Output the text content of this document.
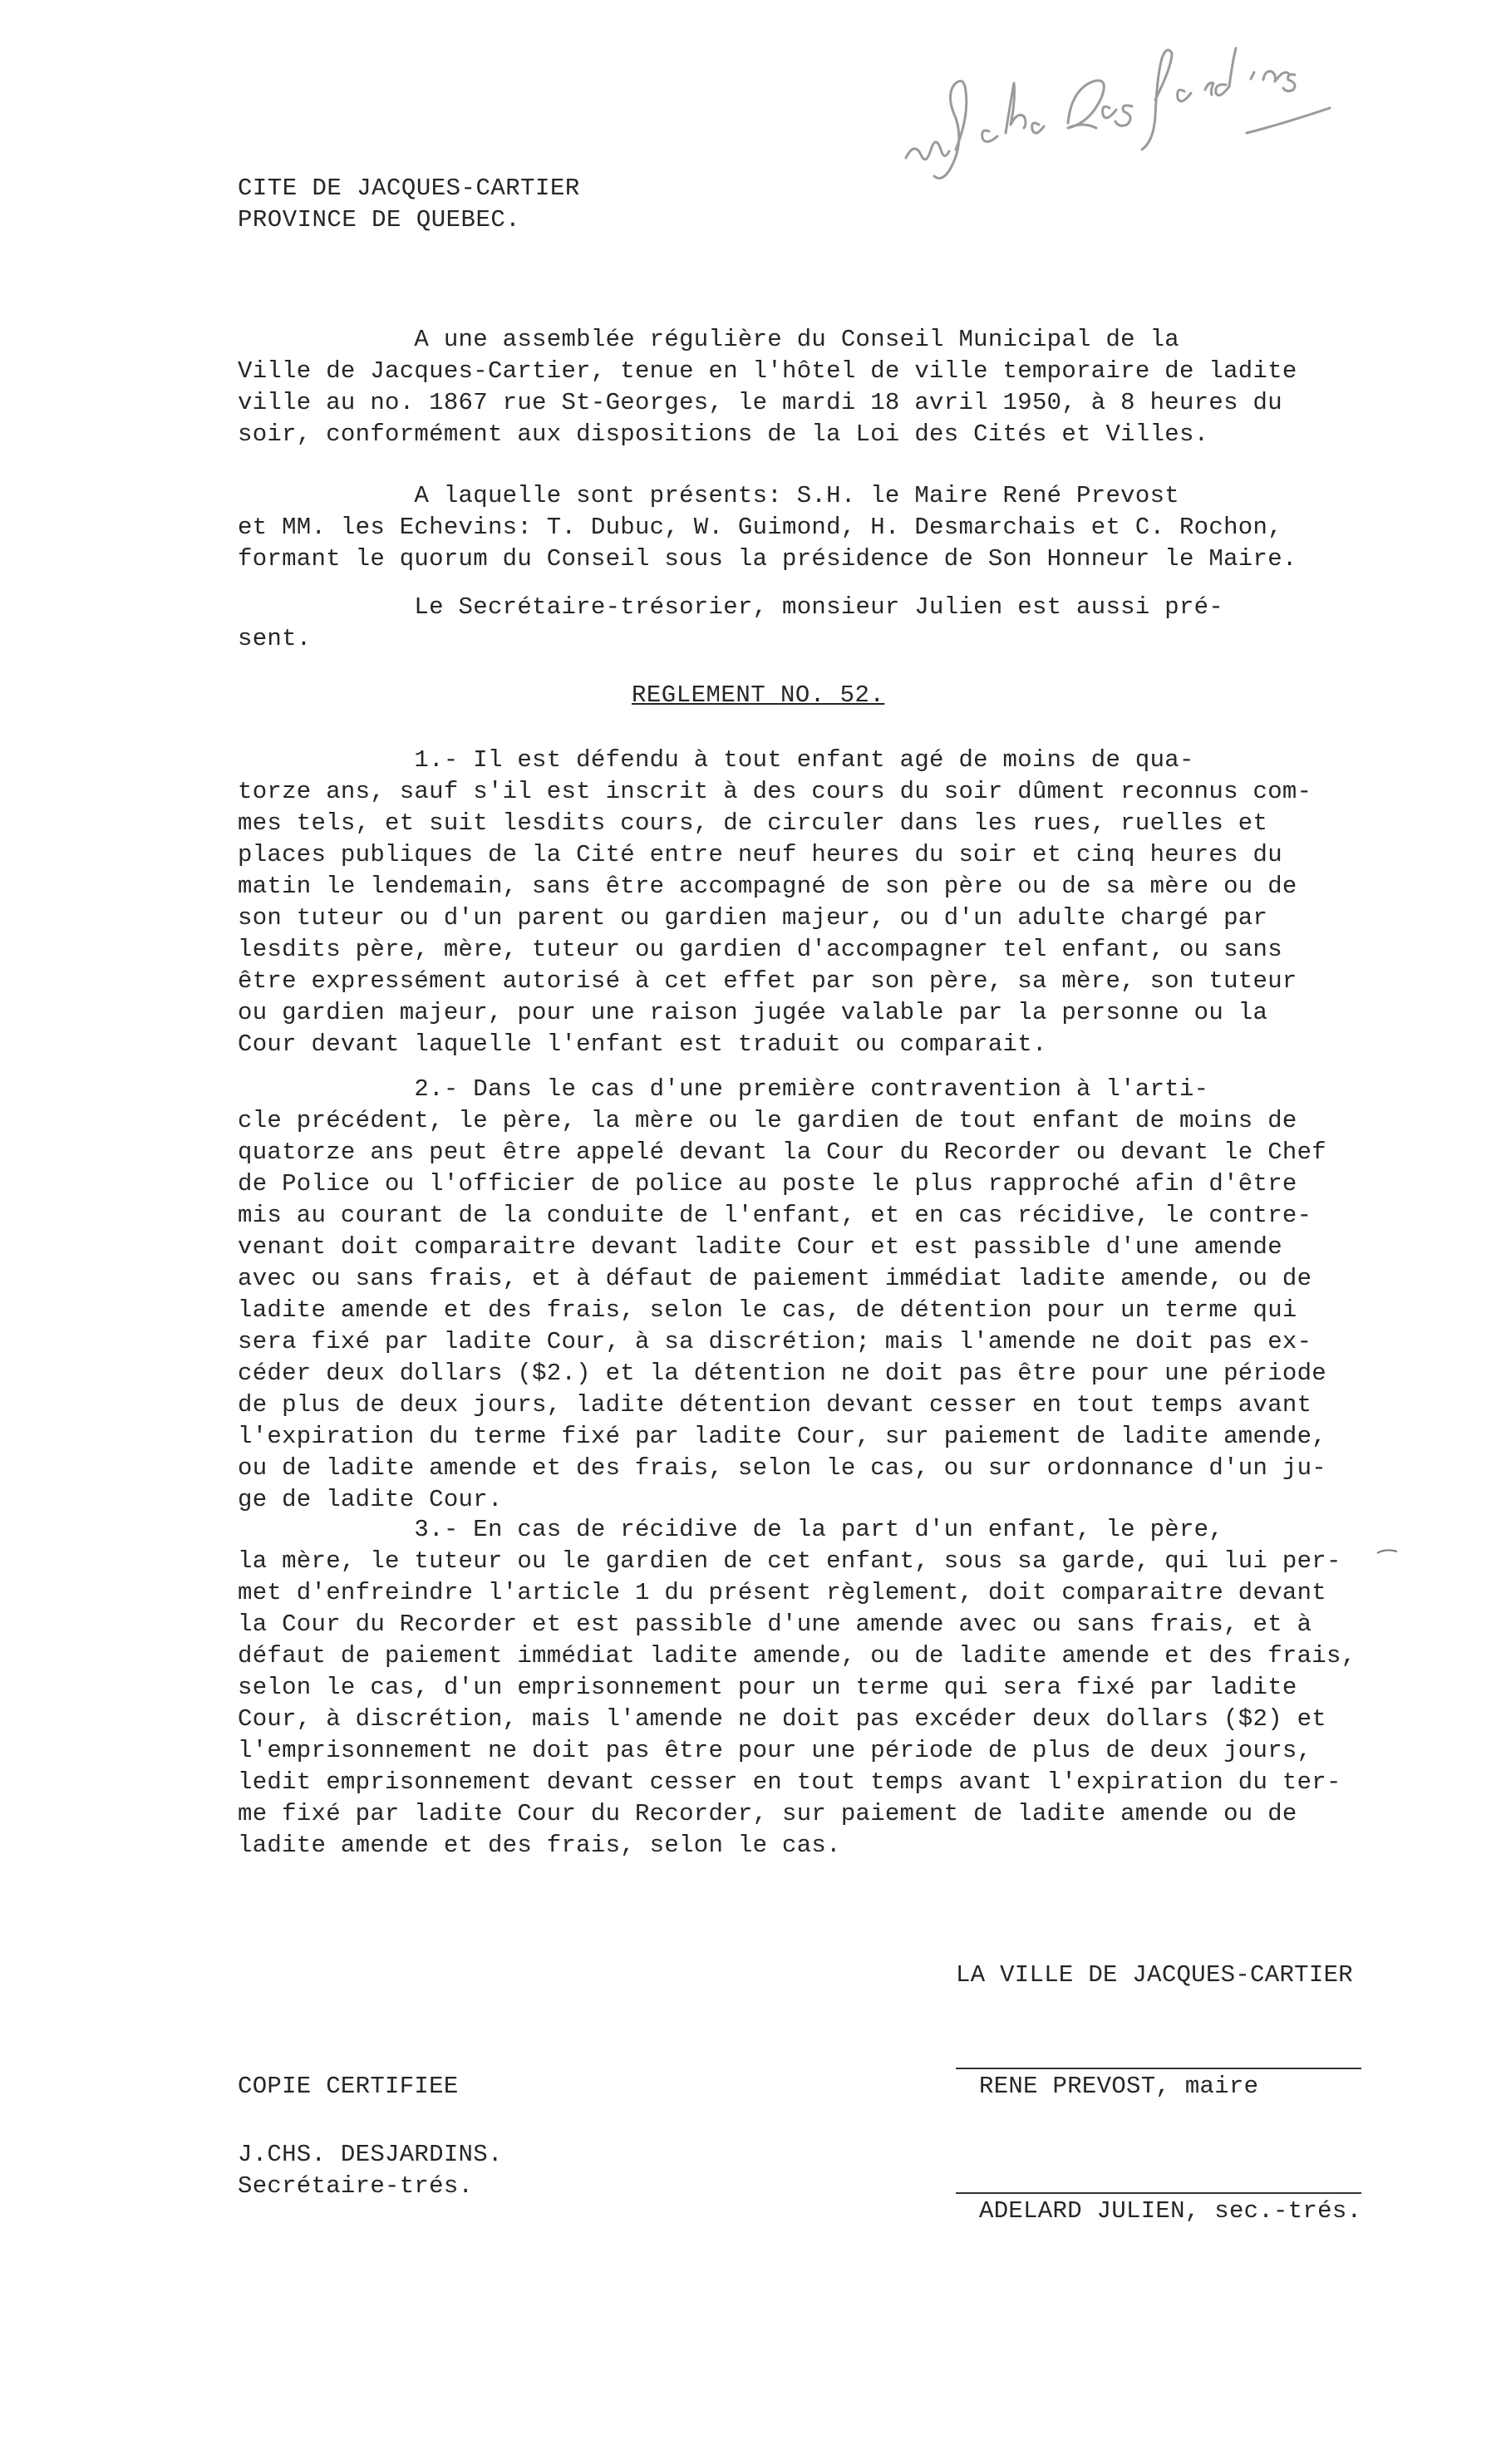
CITE DE JACQUES-CARTIER
PROVINCE DE QUEBEC.
A une assemblée régulière du Conseil Municipal de la
Ville de Jacques-Cartier, tenue en l'hôtel de ville temporaire de ladite
ville au no. 1867 rue St-Georges, le mardi 18 avril 1950, à 8 heures du
soir, conformément aux dispositions de la Loi des Cités et Villes.
A laquelle sont présents: S.H. le Maire René Prevost
et MM. les Echevins: T. Dubuc, W. Guimond, H. Desmarchais et C. Rochon,
formant le quorum du Conseil sous la présidence de Son Honneur le Maire.
Le Secrétaire-trésorier, monsieur Julien est aussi pré-
sent.
REGLEMENT NO. 52.
1.- Il est défendu à tout enfant agé de moins de qua-
torze ans, sauf s'il est inscrit à des cours du soir dûment reconnus com-
mes tels, et suit lesdits cours, de circuler dans les rues, ruelles et
places publiques de la Cité entre neuf heures du soir et cinq heures du
matin le lendemain, sans être accompagné de son père ou de sa mère ou de
son tuteur ou d'un parent ou gardien majeur, ou d'un adulte chargé par
lesdits père, mère, tuteur ou gardien d'accompagner tel enfant, ou sans
être expressément autorisé à cet effet par son père, sa mère, son tuteur
ou gardien majeur, pour une raison jugée valable par la personne ou la
Cour devant laquelle l'enfant est traduit ou comparait.
2.- Dans le cas d'une première contravention à l'arti-
cle précédent, le père, la mère ou le gardien de tout enfant de moins de
quatorze ans peut être appelé devant la Cour du Recorder ou devant le Chef
de Police ou l'officier de police au poste le plus rapproché afin d'être
mis au courant de la conduite de l'enfant, et en cas récidive, le contre-
venant doit comparaitre devant ladite Cour et est passible d'une amende
avec ou sans frais, et à défaut de paiement immédiat ladite amende, ou de
ladite amende et des frais, selon le cas, de détention pour un terme qui
sera fixé par ladite Cour, à sa discrétion; mais l'amende ne doit pas ex-
céder deux dollars ($2.) et la détention ne doit pas être pour une période
de plus de deux jours, ladite détention devant cesser en tout temps avant
l'expiration du terme fixé par ladite Cour, sur paiement de ladite amende,
ou de ladite amende et des frais, selon le cas, ou sur ordonnance d'un ju-
ge de ladite Cour.
3.- En cas de récidive de la part d'un enfant, le père,
la mère, le tuteur ou le gardien de cet enfant, sous sa garde, qui lui per-
met d'enfreindre l'article 1 du présent règlement, doit comparaitre devant
la Cour du Recorder et est passible d'une amende avec ou sans frais, et à
défaut de paiement immédiat ladite amende, ou de ladite amende et des frais,
selon le cas, d'un emprisonnement pour un terme qui sera fixé par ladite
Cour, à discrétion, mais l'amende ne doit pas excéder deux dollars ($2) et
l'emprisonnement ne doit pas être pour une période de plus de deux jours,
ledit emprisonnement devant cesser en tout temps avant l'expiration du ter-
me fixé par ladite Cour du Recorder, sur paiement de ladite amende ou de
ladite amende et des frais, selon le cas.
LA VILLE DE JACQUES-CARTIER
RENE PREVOST, maire
COPIE CERTIFIEE
J.CHS. DESJARDINS.
Secrétaire-trés.
ADELARD JULIEN, sec.-trés.
